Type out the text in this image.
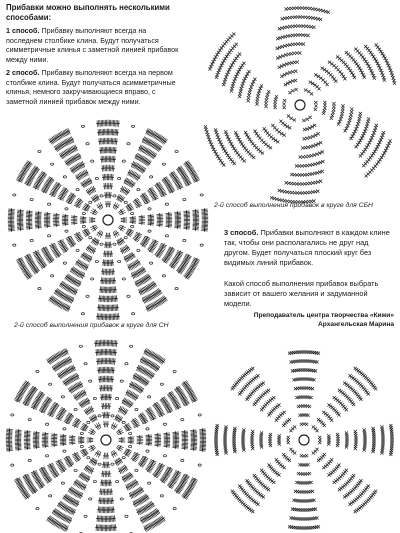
Прибавки можно выполнять несколькими способами:
1 способ. Прибавку выполняют всегда на последнем столбике клина. Будут получаться симметричные клинья с заметной линией прибавок между ними.
2 способ. Прибавку выполняют всегда на первом столбике клина. Будут получаться асимметричные клинья, немного закручивающиеся вправо, с заметной линией прибавок между ними.
2-й способ выполнения прибавок в круге для СБН
2-й способ выполнения прибавок в круге для СН
3 способ. Прибавки выполняют в каждом клине так, чтобы они располагались не друг над другом. Будет получаться плоский круг без видимых линий прибавок.
Какой способ выполнения прибавок выбрать зависит от вашего желания и задуманной модели.
Преподаватель центра творчества «Кижи»
Архангельская Марина
